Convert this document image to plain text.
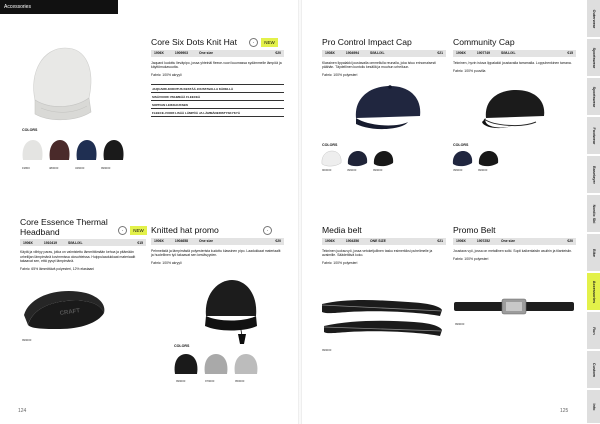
Accessories
COLORS
19800	480000	346000	999000
Core Six Dots Knit Hat	●	NEW
1906X	1909903	One size	€20
Jaquard kudottu lieväpipo, jossa yhteinäl fleece-vuori kuumassa sydämmelle lämpöä ja käyttömukavuutta.
Fabric: 100% akryyli
JAQUARD-KUDOTUS KESTÄÄ JOUSTAVALLA KÄDELLÄ
SISÄVUORI: PEHMEÄÄ FLEECEÄ
SOPIVAN LEIKKAUKSEN
FLEECE-VUORI LISÄÄ LÄMPÖÄ JA LÄMMÄNERISTYSKYKYÄ
Pro Control Impact Cap
1908X	1904994	S/M-L/XL	€21
Klassinen lippalakki joustavalla ommellulla reunalla, joka istuu erinomaisesti päähän. Täydellinen kuntoilu kesällä ja muuhun urheiluun.
Fabric: 100% polyesteri
COLORS
900000	396000	999000
Community Cap
1906X	1907749	S/M-L/XL	€15
Tekninen, hyvin istuva lippalakki joustavalla tarramalla. Loppuhenkinen tarrana.
Fabric: 100% puuvilla
COLORS
396000	999000
Core Essence Thermal Headband	●	NEW
1906X	1910419	S/M-L/XL	€15
Käytä ja viihtyy paras, jotka on valmistettu lämmittämään kehoa ja pitämään urheilijan lämpimänä kovimmissa olosuhteissa. Huippulaadukkaat materiaalit takaavat sen, että pysyt lämpimänä.
Fabric: 65% lämmittävä polyesteri, 12% elastaani
CRAFT
999000
Knitted hat promo	●
1906X	1904658	One size	€20
Pehmeästä ja lämpimästä polyesterista kudottu klassinen pipo. Laadukkaat materiaalit ja huolellinen työ takaavat sen kestävyyden.
Fabric: 100% akryyli
COLORS
999000	979000	950000
Media belt
1906X	1904356	ONE SIZE	€21
Tekninen juoksuvyö, jossa vetoketjullinen tasku esimerkiksi puhelimelle ja avaimille. Säädettävä koko.
Fabric: 100% polyesteri
999000
Promo Belt
1906X	1907252	One size	€20
Joustava vyö, jossa on metallinen solki. Sopii kaikenlaisiin asuihin ja tilanteisiin.
Fabric: 100% polyesteri
999000
Outerwear
Sportswear
Sportswear
Footwear
Baselayer
Nordic Ski
Bike
Accessories
Run
Custom
Info
124	125
